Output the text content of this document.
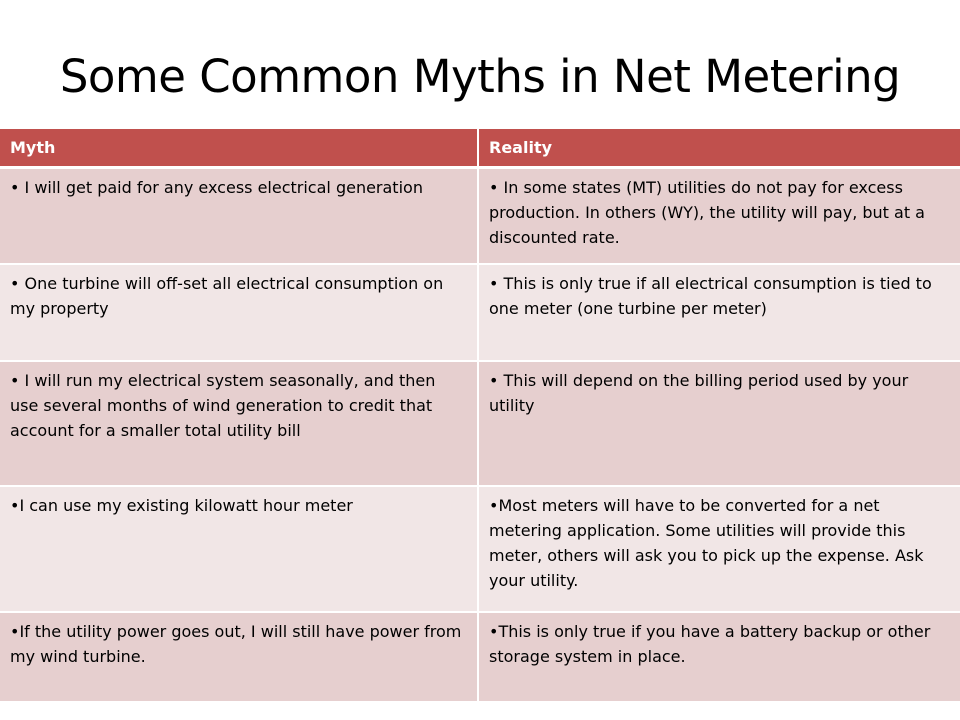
Some Common Myths in Net Metering
Myth	Reality
• I will get paid for any excess electrical generation	• In some states (MT) utilities do not pay for excess production. In others (WY), the utility will pay, but at a discounted rate.
• One turbine will off-set all electrical consumption on my property	• This is only true if all electrical consumption is tied to one meter (one turbine per meter)
• I will run my electrical system seasonally, and then use several months of wind generation to credit that account for a smaller total utility bill	• This will depend on the billing period used by your utility
•I can use my existing kilowatt hour meter	•Most meters will have to be converted for a net metering application. Some utilities will provide this meter, others will ask you to pick up the expense. Ask your utility.
•If the utility power goes out, I will still have power from my wind turbine.	•This is only true if you have a battery backup or other storage system in place.
